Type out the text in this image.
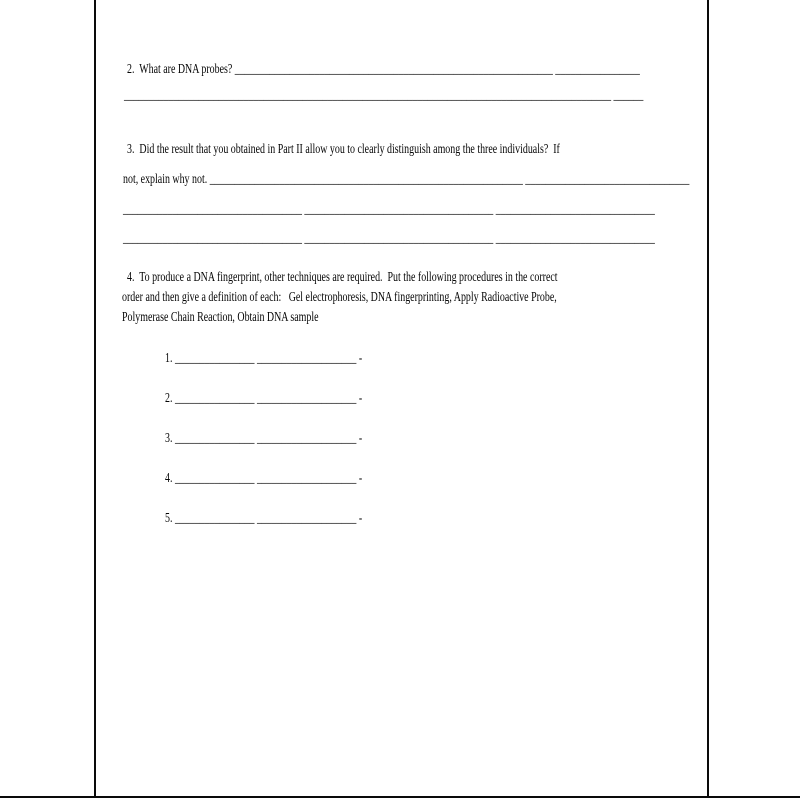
2.  What are DNA probes? ________________________________________________________________ _________________
__________________________________________________________________________________________________ ______
3.  Did the result that you obtained in Part II allow you to clearly distinguish among the three individuals?  If
not, explain why not. _______________________________________________________________ _________________________________
____________________________________ ______________________________________ ________________________________
____________________________________ ______________________________________ ________________________________
4.  To produce a DNA fingerprint, other techniques are required.  Put the following procedures in the correct
order and then give a definition of each:   Gel electrophoresis, DNA fingerprinting, Apply Radioactive Probe,
Polymerase Chain Reaction, Obtain DNA sample
1. ________________ ____________________ -
2. ________________ ____________________ -
3. ________________ ____________________ -
4. ________________ ____________________ -
5. ________________ ____________________ -
